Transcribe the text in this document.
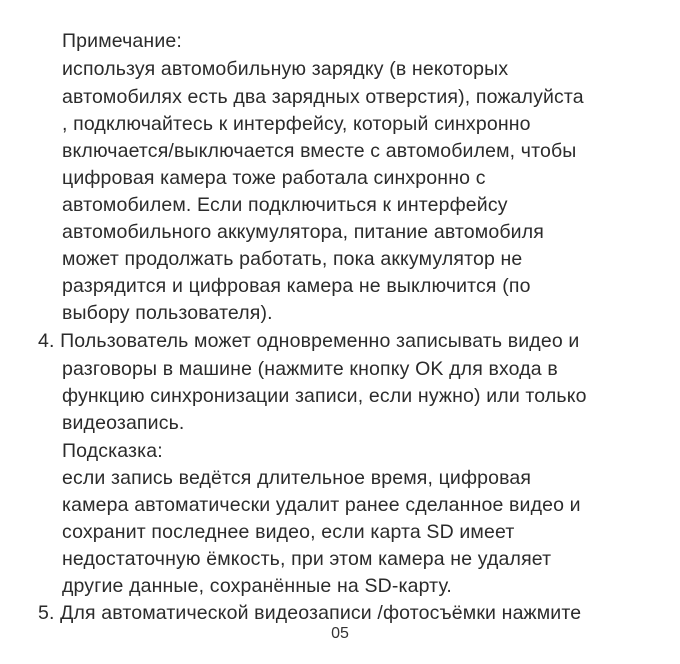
Примечание:
используя автомобильную зарядку (в некоторых
автомобилях есть два зарядных отверстия), пожалуйста
, подключайтесь к интерфейсу, который синхронно
включается/выключается вместе с автомобилем, чтобы
цифровая камера тоже работала синхронно с
автомобилем. Если подключиться к интерфейсу
автомобильного аккумулятора, питание автомобиля
может продолжать работать, пока аккумулятор не
разрядится и цифровая камера не выключится (по
выбору пользователя).
4. Пользователь может одновременно записывать видео и
разговоры в машине (нажмите кнопку OK для входа в
функцию синхронизации записи, если нужно) или только
видеозапись.
Подсказка:
если запись ведётся длительное время, цифровая
камера автоматически удалит ранее сделанное видео и
сохранит последнее видео, если карта SD имеет
недостаточную ёмкость, при этом камера не удаляет
другие данные, сохранённые на SD-карту.
5. Для автоматической видеозаписи /фотосъёмки нажмите
05
